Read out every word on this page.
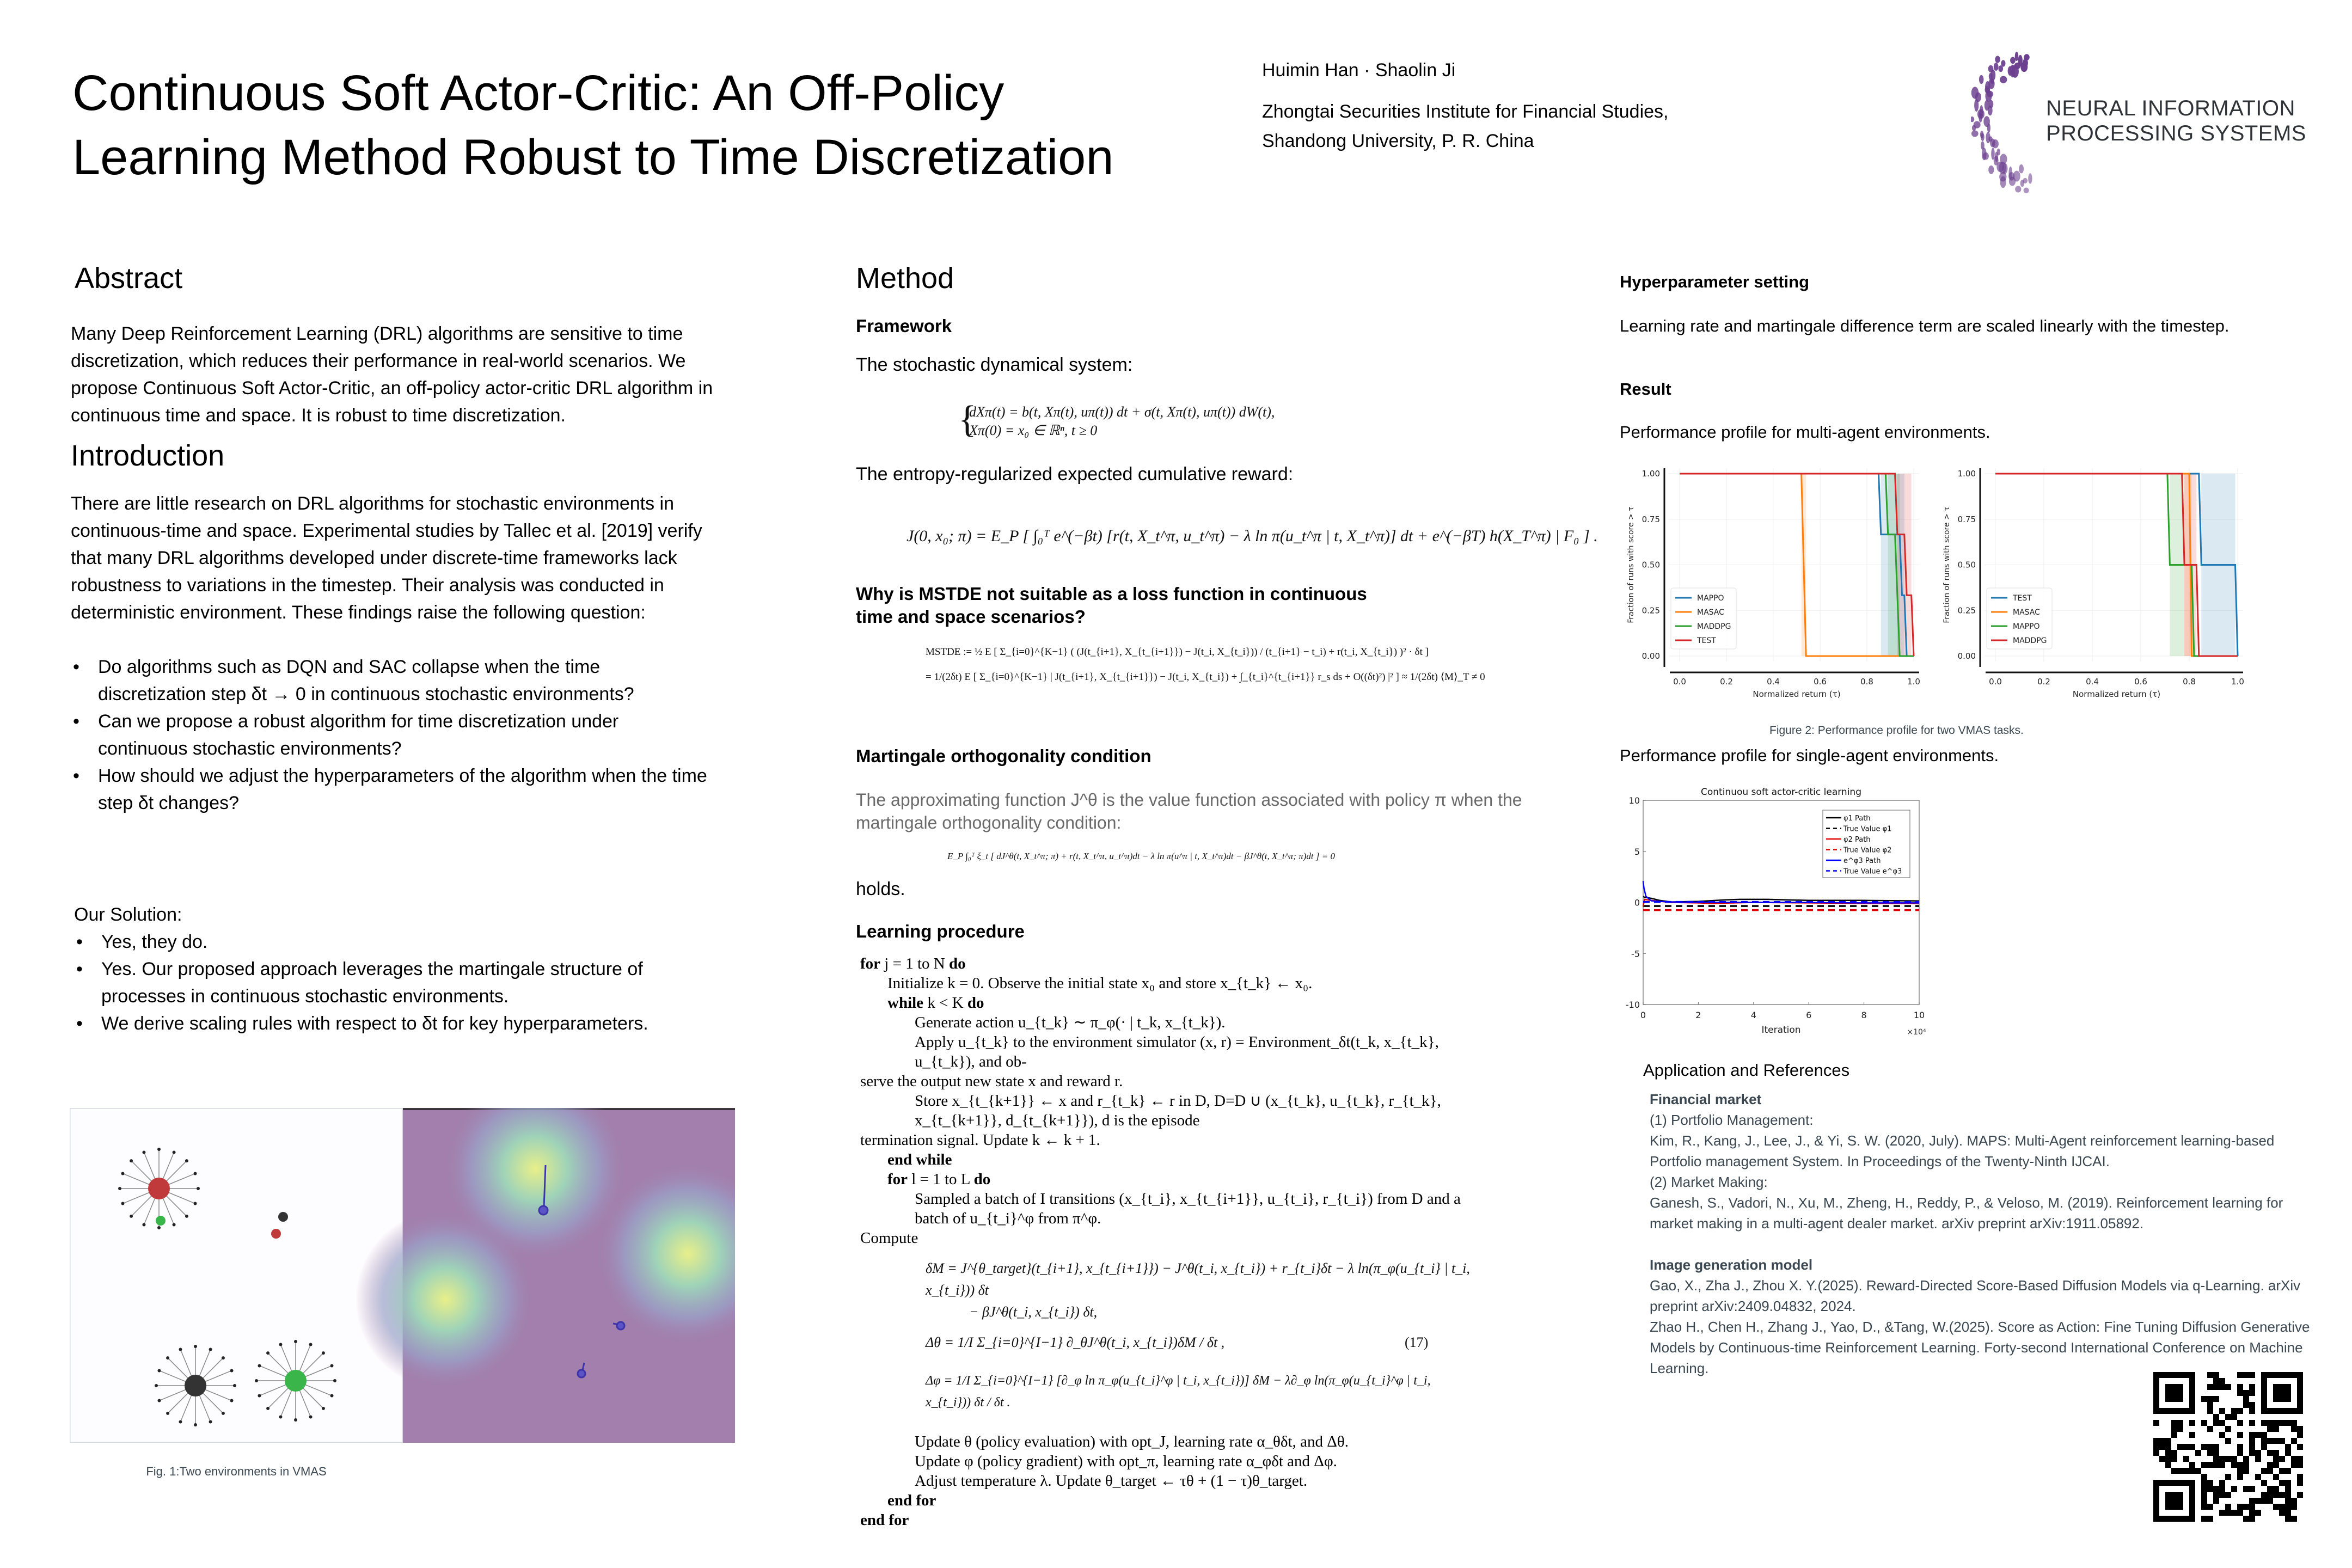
Continuous Soft Actor-Critic: An Off-Policy
Learning Method Robust to Time Discretization
Huimin Han · Shaolin Ji
Zhongtai Securities Institute for Financial Studies,
Shandong University, P. R. China
NEURAL INFORMATION
PROCESSING SYSTEMS
Abstract
Many Deep Reinforcement Learning (DRL) algorithms are sensitive to time discretization, which reduces their performance in real-world scenarios. We propose Continuous Soft Actor-Critic, an off-policy actor-critic DRL algorithm in continuous time and space. It is robust to time discretization.
Introduction
There are little research on DRL algorithms for stochastic environments in continuous-time and space. Experimental studies by Tallec et al. [2019] verify that many DRL algorithms developed under discrete-time frameworks lack robustness to variations in the timestep. Their analysis was conducted in deterministic environment. These findings raise the following question:
• Do algorithms such as DQN and SAC collapse when the time discretization step δt → 0 in continuous stochastic environments?
• Can we propose a robust algorithm for time discretization under continuous stochastic environments?
• How should we adjust the hyperparameters of the algorithm when the time step δt changes?
Our Solution:
• Yes, they do.
• Yes. Our proposed approach leverages the martingale structure of processes in continuous stochastic environments.
• We derive scaling rules with respect to δt for key hyperparameters.
Fig. 1:Two environments in VMAS
Method
Framework
The stochastic dynamical system:
{
dXπ(t) = b(t, Xπ(t), uπ(t)) dt + σ(t, Xπ(t), uπ(t)) dW(t),
Xπ(0) = x₀ ∈ ℝⁿ, t ≥ 0
The entropy-regularized expected cumulative reward:
J(0, x₀; π) = E_P [ ∫₀ᵀ e^(−βt) [r(t, X_t^π, u_t^π) − λ ln π(u_t^π | t, X_t^π)] dt + e^(−βT) h(X_T^π) | F₀ ] .
Why is MSTDE not suitable as a loss function in continuous time and space scenarios?
MSTDE := ½ E [ Σ_{i=0}^{K−1} ( (J(t_{i+1}, X_{t_{i+1}}) − J(t_i, X_{t_i})) / (t_{i+1} − t_i) + r(t_i, X_{t_i}) )² · δt ]
= 1/(2δt) E [ Σ_{i=0}^{K−1} | J(t_{i+1}, X_{t_{i+1}}) − J(t_i, X_{t_i}) + ∫_{t_i}^{t_{i+1}} r_s ds + O((δt)²) |² ] ≈ 1/(2δt) ⟨M⟩_T ≠ 0
Martingale orthogonality condition
The approximating function J^θ is the value function associated with policy π when the martingale orthogonality condition:
E_P ∫₀ᵀ ξ_t [ dJ^θ(t, X_t^π; π) + r(t, X_t^π, u_t^π)dt − λ ln π(u^π | t, X_t^π)dt − βJ^θ(t, X_t^π; π)dt ] = 0
holds.
Learning procedure
for j = 1 to N do
Initialize k = 0. Observe the initial state x₀ and store x_{t_k} ← x₀.
while k < K do
Generate action u_{t_k} ∼ π_φ(· | t_k, x_{t_k}).
Apply u_{t_k} to the environment simulator (x, r) = Environment_δt(t_k, x_{t_k}, u_{t_k}), and ob-
serve the output new state x and reward r.
Store x_{t_{k+1}} ← x and r_{t_k} ← r in D, D=D ∪ (x_{t_k}, u_{t_k}, r_{t_k}, x_{t_{k+1}}, d_{t_{k+1}}), d is the episode
termination signal. Update k ← k + 1.
end while
for l = 1 to L do
Sampled a batch of I transitions (x_{t_i}, x_{t_{i+1}}, u_{t_i}, r_{t_i}) from D and a batch of u_{t_i}^φ from π^φ.
Compute
δM = J^{θ_target}(t_{i+1}, x_{t_{i+1}}) − J^θ(t_i, x_{t_i}) + r_{t_i}δt − λ ln(π_φ(u_{t_i} | t_i, x_{t_i})) δt
− βJ^θ(t_i, x_{t_i}) δt,
Δθ = 1/I Σ_{i=0}^{I−1} ∂_θJ^θ(t_i, x_{t_i})δM / δt ,	(17)
Δφ = 1/I Σ_{i=0}^{I−1} [∂_φ ln π_φ(u_{t_i}^φ | t_i, x_{t_i})] δM − λ∂_φ ln(π_φ(u_{t_i}^φ | t_i, x_{t_i})) δt / δt .
Update θ (policy evaluation) with opt_J, learning rate α_θδt, and Δθ.
Update φ (policy gradient) with opt_π, learning rate α_φδt and Δφ.
Adjust temperature λ. Update θ_target ← τθ + (1 − τ)θ_target.
end for
end for
Hyperparameter setting
Learning rate and martingale difference term are scaled linearly with the timestep.
Result
Performance profile for multi-agent environments.
0.0	0.2	0.4	0.6	0.8	1.0
0.00
0.25
0.50
0.75
1.00
Normalized return (τ)
Fraction of runs with score > τ	MAPPO
MASAC
MADDPG
TEST
0.0	0.2	0.4	0.6	0.8	1.0
0.00
0.25
0.50
0.75
1.00
Normalized return (τ)
Fraction of runs with score > τ	TEST
MASAC
MAPPO
MADDPG
Figure 2: Performance profile for two VMAS tasks.
Performance profile for single-agent environments.
Continuou soft actor-critic learning
0	2	4	6	8	10
-10
-5
0
5
10
Iteration	×10⁴
φ1 Path
True Value φ1
φ2 Path
True Value φ2
e^φ3 Path
True Value e^φ3
Application and References
Financial market
(1) Portfolio Management:
Kim, R., Kang, J., Lee, J., & Yi, S. W. (2020, July). MAPS: Multi-Agent reinforcement learning-based Portfolio management System. In Proceedings of the Twenty-Ninth IJCAI.
(2) Market Making:
Ganesh, S., Vadori, N., Xu, M., Zheng, H., Reddy, P., & Veloso, M. (2019). Reinforcement learning for market making in a multi-agent dealer market. arXiv preprint arXiv:1911.05892.
Image generation model
Gao, X., Zha J., Zhou X. Y.(2025). Reward-Directed Score-Based Diffusion Models via q-Learning. arXiv preprint arXiv:2409.04832, 2024.
Zhao H., Chen H., Zhang J., Yao, D., &Tang, W.(2025). Score as Action: Fine Tuning Diffusion Generative Models by Continuous-time Reinforcement Learning. Forty-second International Conference on Machine Learning.
